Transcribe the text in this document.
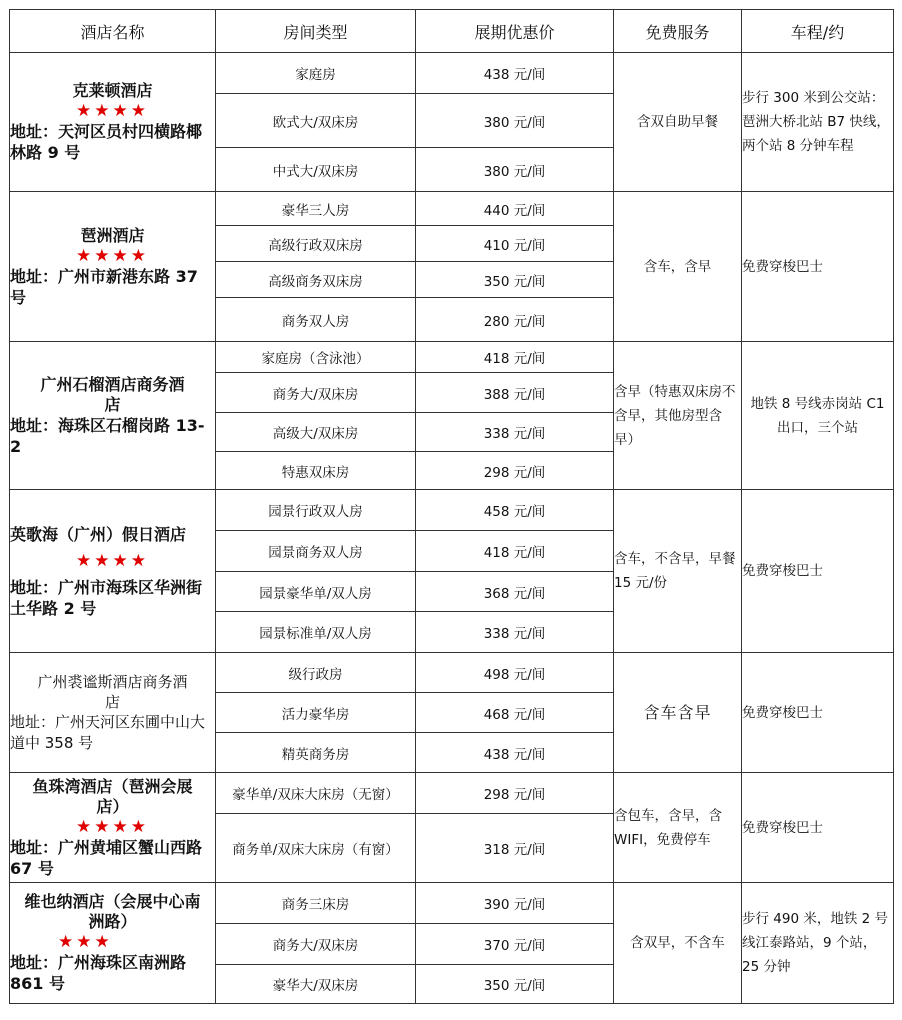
酒店名称	房间类型	展期优惠价	免费服务	车程/约

克莱顿酒店
★★★★
地址：天河区员村四横路椰林路 9 号	家庭房	438 元/间	含双自助早餐	步行 300 米到公交站：琶洲大桥北站 B7 快线，两个站 8 分钟车程
	欧式大/双床房	380 元/间		
	中式大/双床房	380 元/间		

琶洲酒店
★★★★
地址：广州市新港东路 37 号	豪华三人房	440 元/间	含车，含早	免费穿梭巴士
	高级行政双床房	410 元/间		
	高级商务双床房	350 元/间		
	商务双人房	280 元/间		

广州石榴酒店商务酒店
地址：海珠区石榴岗路 13-2	家庭房（含泳池）	418 元/间	含早（特惠双床房不含早，其他房型含早）	地铁 8 号线赤岗站 C1 出口，三个站
	商务大/双床房	388 元/间		
	高级大/双床房	338 元/间		
	特惠双床房	298 元/间		

英歌海（广州）假日酒店
★★★★
地址：广州市海珠区华洲街土华路 2 号	园景行政双人房	458 元/间	含车，不含早，早餐 15 元/份	免费穿梭巴士
	园景商务双人房	418 元/间		
	园景豪华单/双人房	368 元/间		
	园景标准单/双人房	338 元/间		

广州裘谧斯酒店商务酒店
地址：广州天河区东圃中山大道中 358 号	级行政房	498 元/间	含车含早	免费穿梭巴士
	活力豪华房	468 元/间		
	精英商务房	438 元/间		

鱼珠湾酒店（琶洲会展店）
★★★★
地址：广州黄埔区蟹山西路 67 号	豪华单/双床大床房（无窗）	298 元/间	含包车，含早，含 WIFI，免费停车	免费穿梭巴士
	商务单/双床大床房（有窗）	318 元/间		

维也纳酒店（会展中心南洲路）
★★★
地址：广州海珠区南洲路 861 号	商务三床房	390 元/间	含双早，不含车	步行 490 米，地铁 2 号线江泰路站，9 个站，25 分钟
	商务大/双床房	370 元/间		
	豪华大/双床房	350 元/间		
